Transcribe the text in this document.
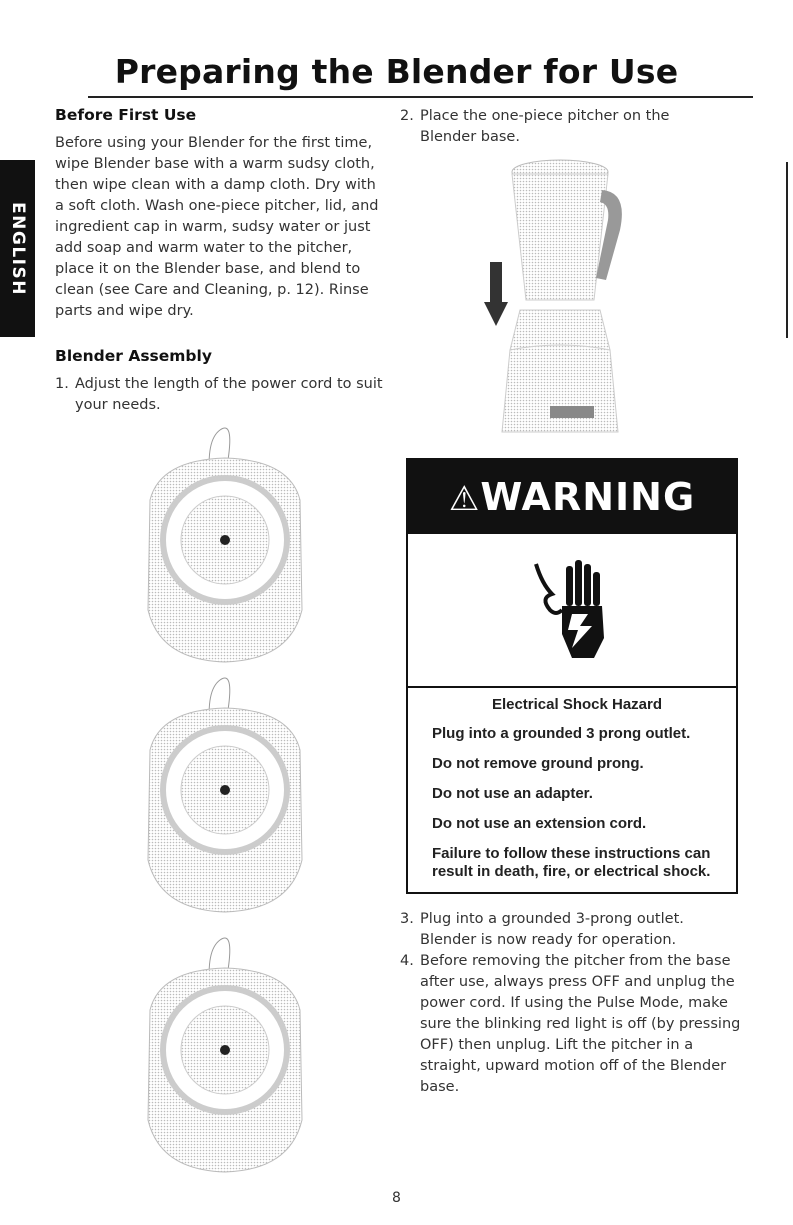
Preparing the Blender for Use
ENGLISH
Before First Use

Before using your Blender for the first time, wipe Blender base with a warm sudsy cloth, then wipe clean with a damp cloth. Dry with a soft cloth. Wash one-piece pitcher, lid, and ingredient cap in warm, sudsy water or just add soap and warm water to the pitcher, place it on the Blender base, and blend to clean (see Care and Cleaning, p. 12). Rinse parts and wipe dry.

Blender Assembly
1. Adjust the length of the power cord to suit your needs.
2. Place the one-piece pitcher on the Blender base.
⚠WARNING
Electrical Shock Hazard
Plug into a grounded 3 prong outlet.
Do not remove ground prong.
Do not use an adapter.
Do not use an extension cord.
Failure to follow these instructions can result in death, fire, or electrical shock.
3. Plug into a grounded 3-prong outlet. Blender is now ready for operation.
4. Before removing the pitcher from the base after use, always press OFF and unplug the power cord. If using the Pulse Mode, make sure the blinking red light is off (by pressing OFF) then unplug. Lift the pitcher in a straight, upward motion off of the Blender base.
8
